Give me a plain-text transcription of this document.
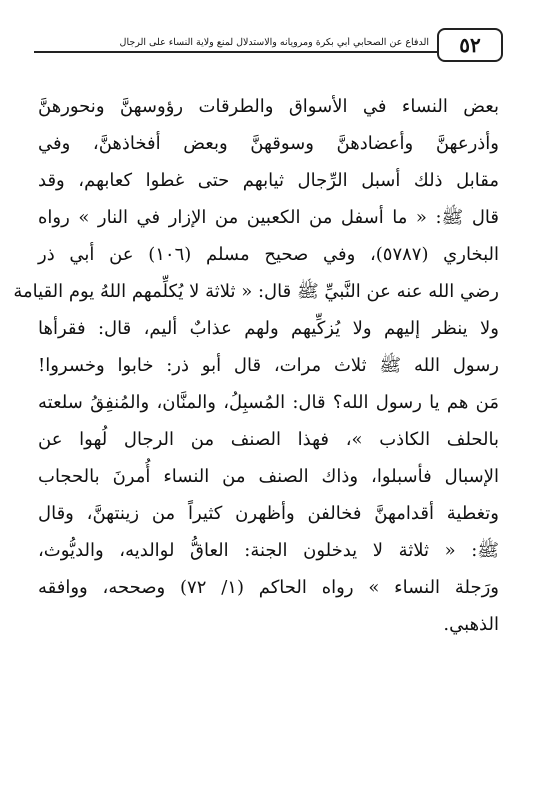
٥٢
الدفاع عن الصحابي أبي بكرة ومرويانه والاستدلال لمنع ولاية النساء على الرجال
بعض النساء في الأسواق والطرقات رؤوسهنَّ ونحورهنَّ
وأذرعهنَّ وأعضادهنَّ وسوقهنَّ وبعض أفخاذهنَّ، وفي
مقابل ذلك أسبل الرِّجال ثيابهم حتى غطوا كعابهم، وقد
قال ﷺ: « ما أسفل من الكعبين من الإزار في النار » رواه
البخاري (٥٧٨٧)، وفي صحيح مسلم (١٠٦) عن أبي ذر
رضي الله عنه عن النَّبيِّ ﷺ قال: « ثلاثة لا يُكلِّمهم اللهُ يوم القيامة
ولا ينظر إليهم ولا يُزكِّيهم ولهم عذابٌ أليم، قال: فقرأها
رسول الله ﷺ ثلاث مرات، قال أبو ذر: خابوا وخسروا!
مَن هم يا رسول الله؟ قال: المُسبِلُ، والمنَّان، والمُنفِقُ سلعته
بالحلف الكاذب »، فهذا الصنف من الرجال لُهوا عن
الإسبال فأسبلوا، وذاك الصنف من النساء أُمرنَ بالحجاب
وتغطية أقدامهنَّ فخالفن وأظهرن كثيراً من زينتهنَّ، وقال
ﷺ: « ثلاثة لا يدخلون الجنة: العاقُّ لوالديه، والديُّوث،
ورَجلة النساء » رواه الحاكم (١/ ٧٢) وصححه، ووافقه
الذهبي.
